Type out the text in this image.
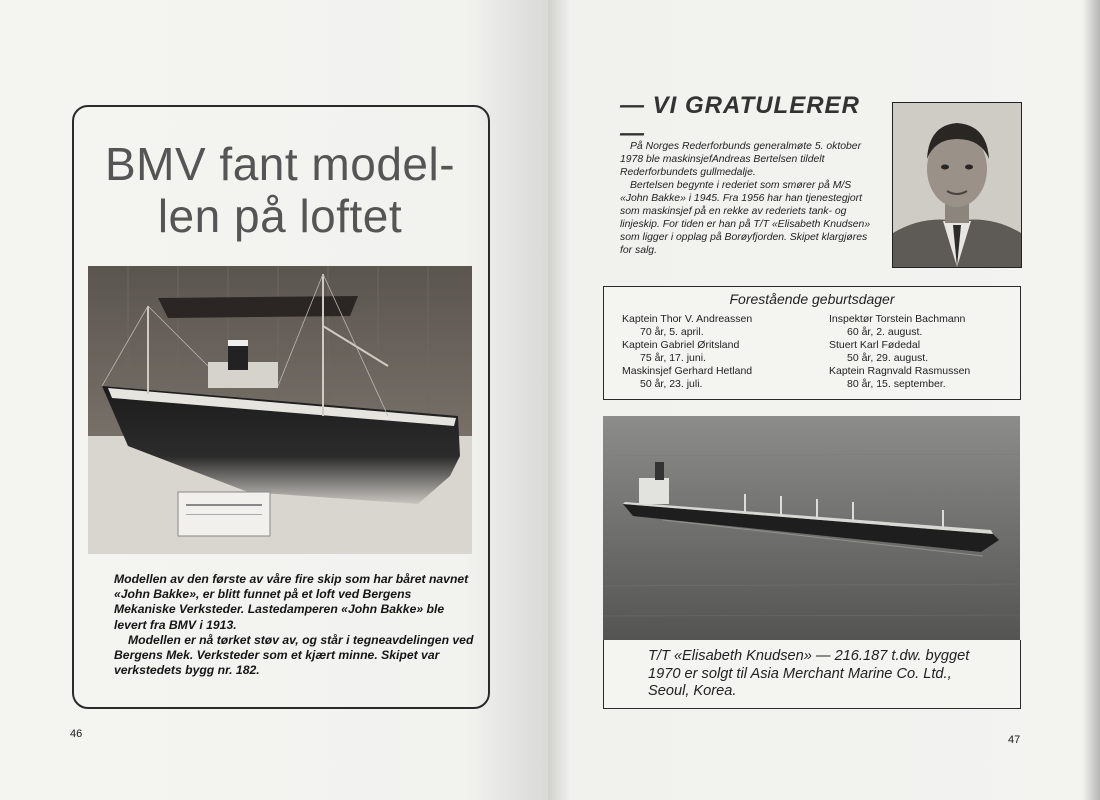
BMV fant model-len på loftet

Modellen av den første av våre fire skip som har båret navnet «John Bakke», er blitt funnet på et loft ved Bergens Mekaniske Verksteder. Lastedamperen «John Bakke» ble levert fra BMV i 1913.

Modellen er nå tørket støv av, og står i tegneavdelingen ved Bergens Mek. Verksteder som et kjært minne. Skipet var verkstedets bygg nr. 182.

46
— VI GRATULERER —

På Norges Rederforbunds generalmøte 5. oktober 1978 ble maskinsjefAndreas Bertelsen tildelt Rederforbundets gullmedalje.

Bertelsen begynte i rederiet som smører på M/S «John Bakke» i 1945. Fra 1956 har han tjenestegjort som maskinsjef på en rekke av rederiets tank- og linjeskip. For tiden er han på T/T «Elisabeth Knudsen» som ligger i opplag på Borøyfjorden. Skipet klargjøres for salg.

Forestående geburtsdager
Kaptein Thor V. Andreassen
70 år, 5. april.
Kaptein Gabriel Øritsland
75 år, 17. juni.
Maskinsjef Gerhard Hetland
50 år, 23. juli.
Inspektør Torstein Bachmann
60 år, 2. august.
Stuert Karl Fødedal
50 år, 29. august.
Kaptein Ragnvald Rasmussen
80 år, 15. september.

T/T «Elisabeth Knudsen» — 216.187 t.dw. bygget 1970 er solgt til Asia Merchant Marine Co. Ltd., Seoul, Korea.

47
